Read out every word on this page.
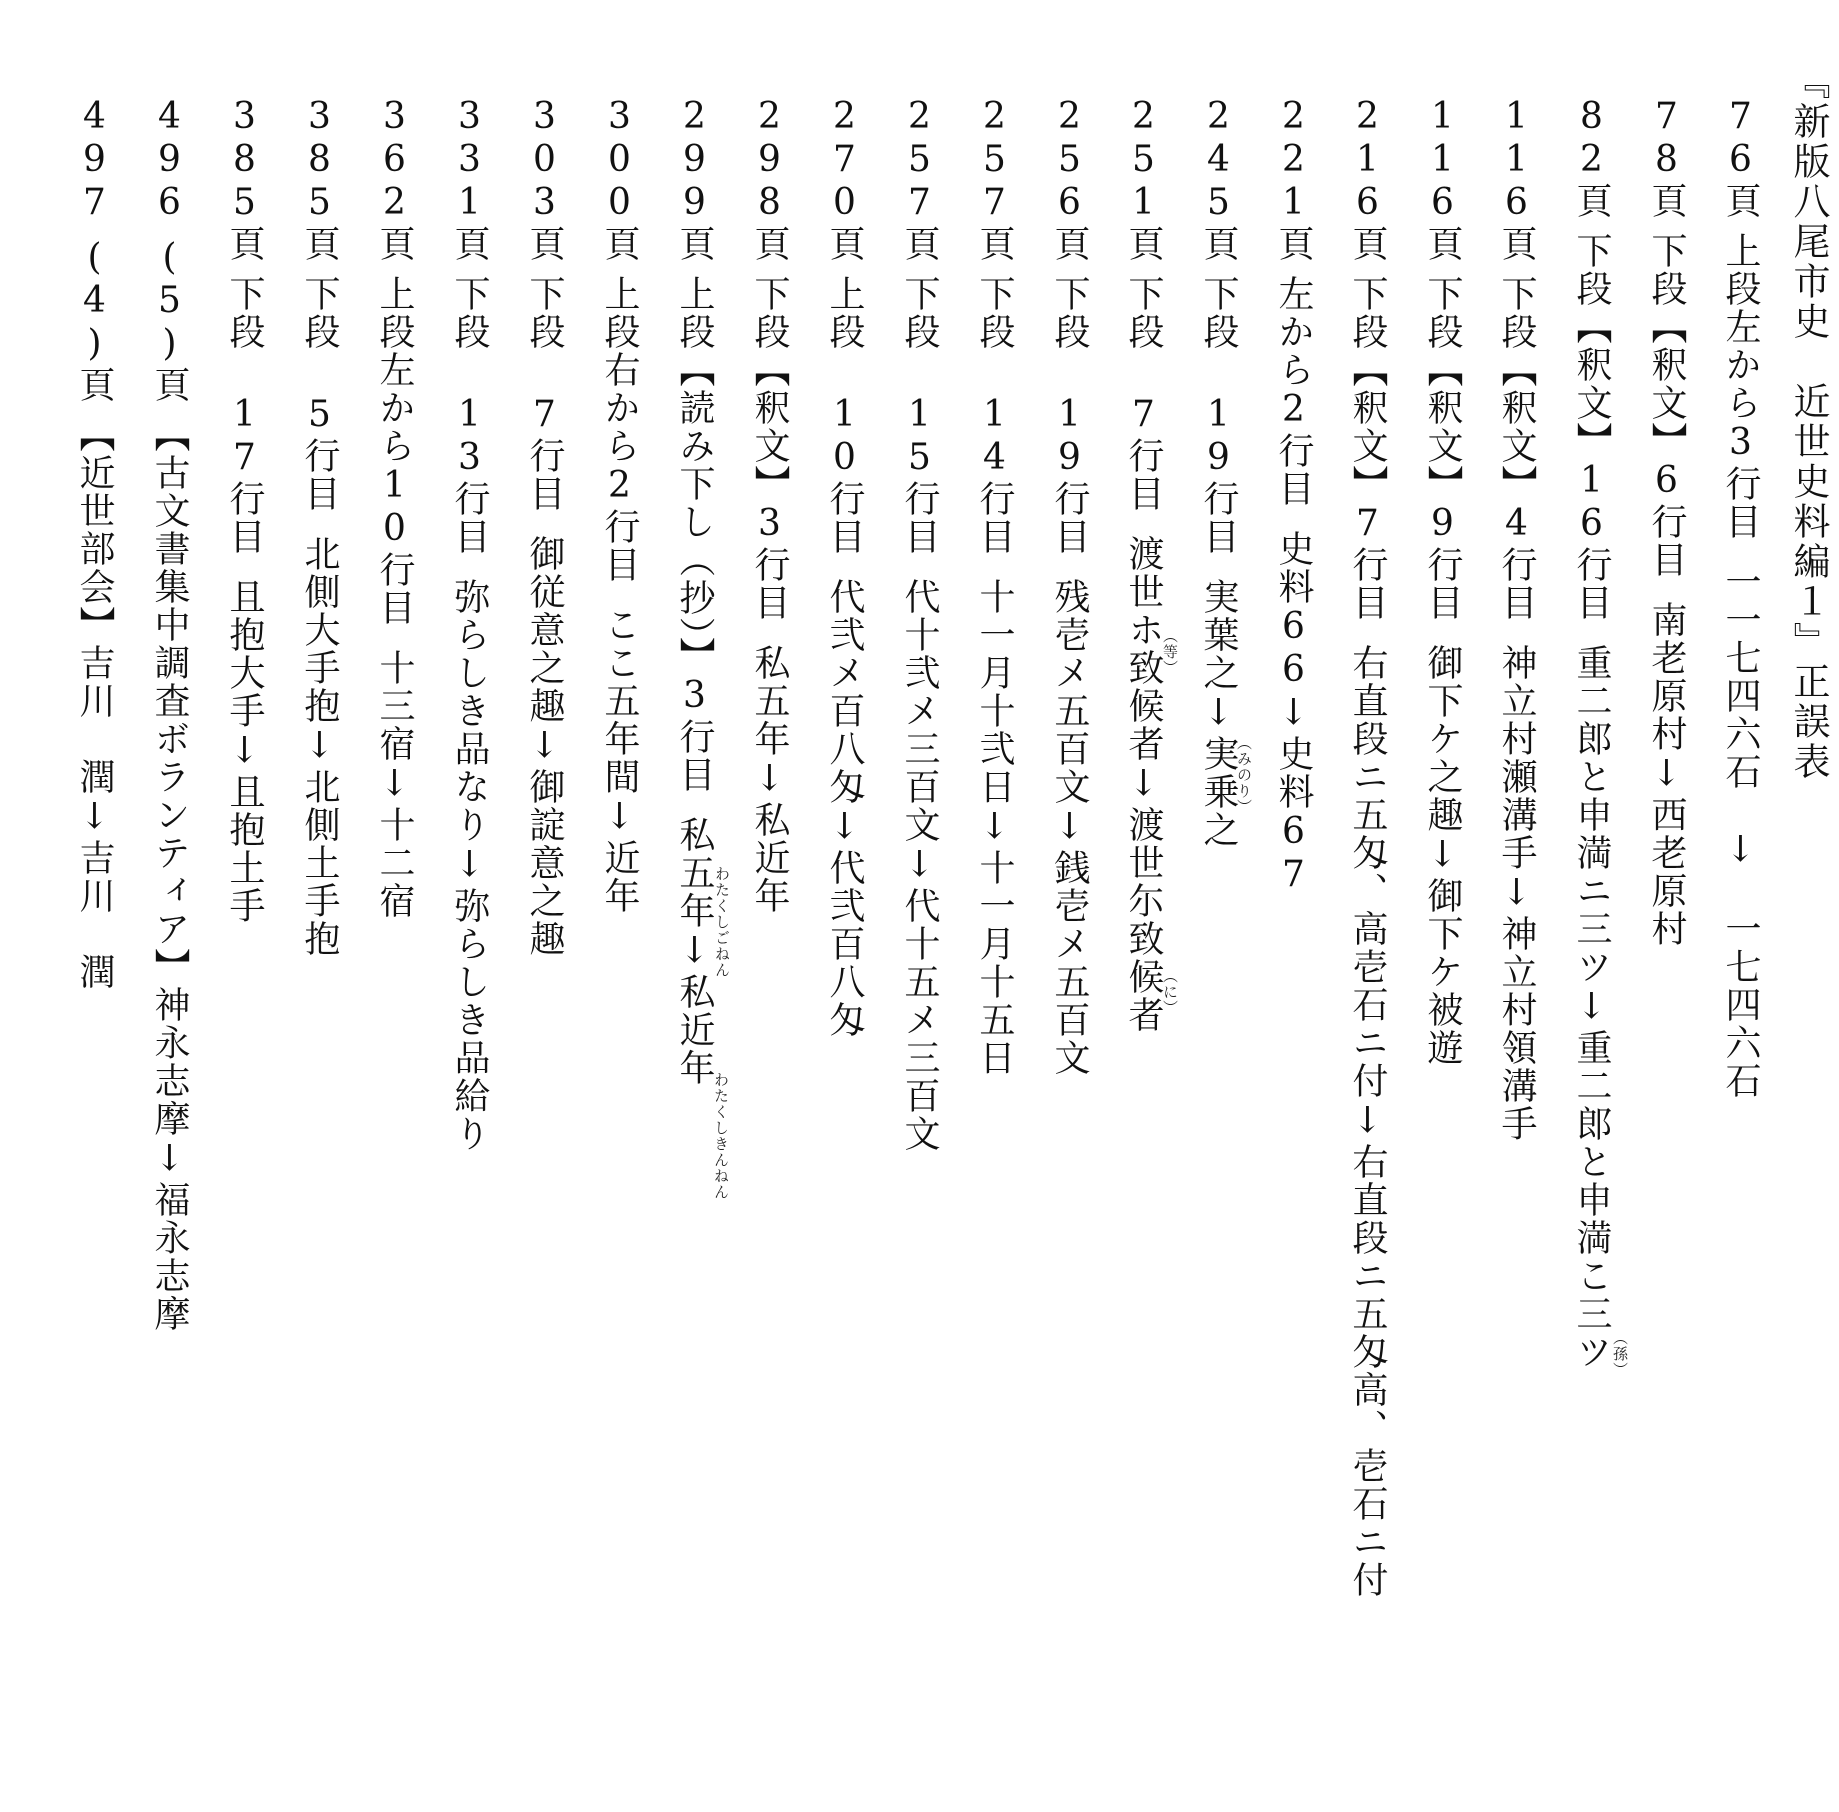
『新版八尾市史　近世史料編１』正誤表
76頁上段左から3行目一一七四六石　↓　一七四六石
78頁下段【釈文】6行目南老原村↓西老原村
82頁下段【釈文】16行目重二郎と申満ニ三ツ↓重二郎と申満こ三ツ （孫）
116頁下段【釈文】4行目神立村瀬溝手↓神立村領溝手
116頁下段【釈文】9行目御下ケ之趣↓御下ケ被遊
216頁下段【釈文】7行目右直段ニ五匁、高壱石ニ付↓右直段ニ五匁高、壱石ニ付
221頁左から2行目史料66↓史料67
（みのり）
245頁下段 19行目実葉之↓実乗之
251頁下段 7行目渡世ホ致候者↓渡世尓致候者
（等）
（に）
256頁下段 19行目残壱メ五百文↓銭壱メ五百文
257頁下段 14行目十一月十弐日↓十一月十五日
257頁下段 15行目代十弐メ三百文↓代十五メ三百文
270頁上段 10行目代弐メ百八匁↓代弐百八匁
298頁下段【釈文】3行目私五年↓私近年
わたくしごねん
299頁上段【読み下し（抄）】3行目私五年↓私近年
わたくしきんねん
300頁上段右から2行目ここ五年間↓近年
303頁下段 7行目御従意之趣↓御諚意之趣
331頁下段 13行目弥らしき品なり↓弥らしき品給り
362頁上段左から10行目十三宿↓十二宿
385頁下段 5行目北側大手抱↓北側土手抱
385頁下段 17行目且抱大手↓且抱土手
496(5)頁【古文書集中調査ボランティア】神永志摩↓福永志摩
497(4)頁【近世部会】吉川　潤↓吉川　潤
